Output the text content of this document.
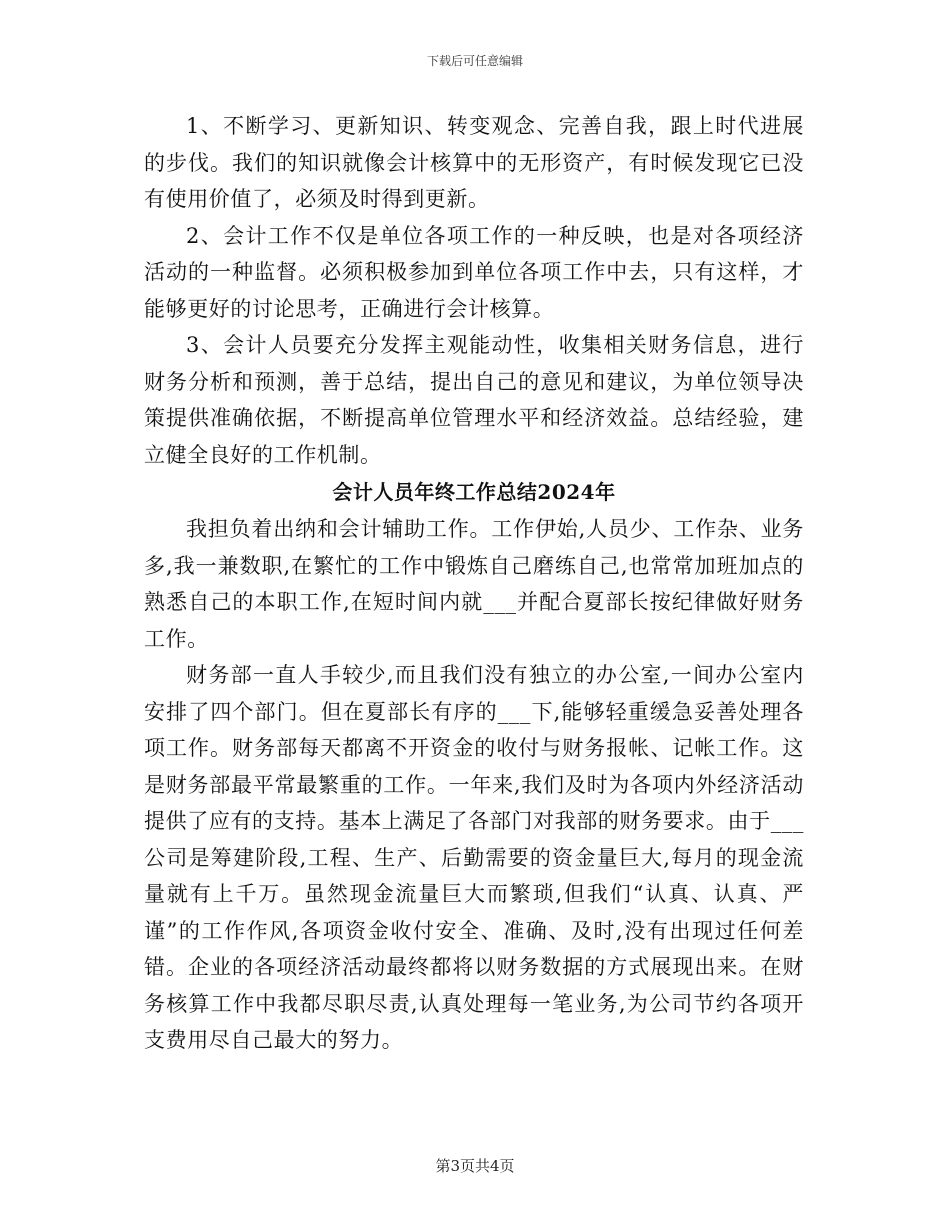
下载后可任意编辑

1、不断学习、更新知识、转变观念、完善自我，跟上时代进展的步伐。我们的知识就像会计核算中的无形资产，有时候发现它已没有使用价值了，必须及时得到更新。

2、会计工作不仅是单位各项工作的一种反映，也是对各项经济活动的一种监督。必须积极参加到单位各项工作中去，只有这样，才能够更好的讨论思考，正确进行会计核算。

3、会计人员要充分发挥主观能动性，收集相关财务信息，进行财务分析和预测，善于总结，提出自己的意见和建议，为单位领导决策提供准确依据，不断提高单位管理水平和经济效益。总结经验，建立健全良好的工作机制。

会计人员年终工作总结2024年

我担负着出纳和会计辅助工作。工作伊始,人员少、工作杂、业务多,我一兼数职,在繁忙的工作中锻炼自己磨练自己,也常常加班加点的熟悉自己的本职工作,在短时间内就___并配合夏部长按纪律做好财务工作。

财务部一直人手较少,而且我们没有独立的办公室,一间办公室内安排了四个部门。但在夏部长有序的___下,能够轻重缓急妥善处理各项工作。财务部每天都离不开资金的收付与财务报帐、记帐工作。这是财务部最平常最繁重的工作。一年来,我们及时为各项内外经济活动提供了应有的支持。基本上满足了各部门对我部的财务要求。由于___公司是筹建阶段,工程、生产、后勤需要的资金量巨大,每月的现金流量就有上千万。虽然现金流量巨大而繁琐,但我们“认真、认真、严谨”的工作作风,各项资金收付安全、准确、及时,没有出现过任何差错。企业的各项经济活动最终都将以财务数据的方式展现出来。在财务核算工作中我都尽职尽责,认真处理每一笔业务,为公司节约各项开支费用尽自己最大的努力。

第3页共4页
